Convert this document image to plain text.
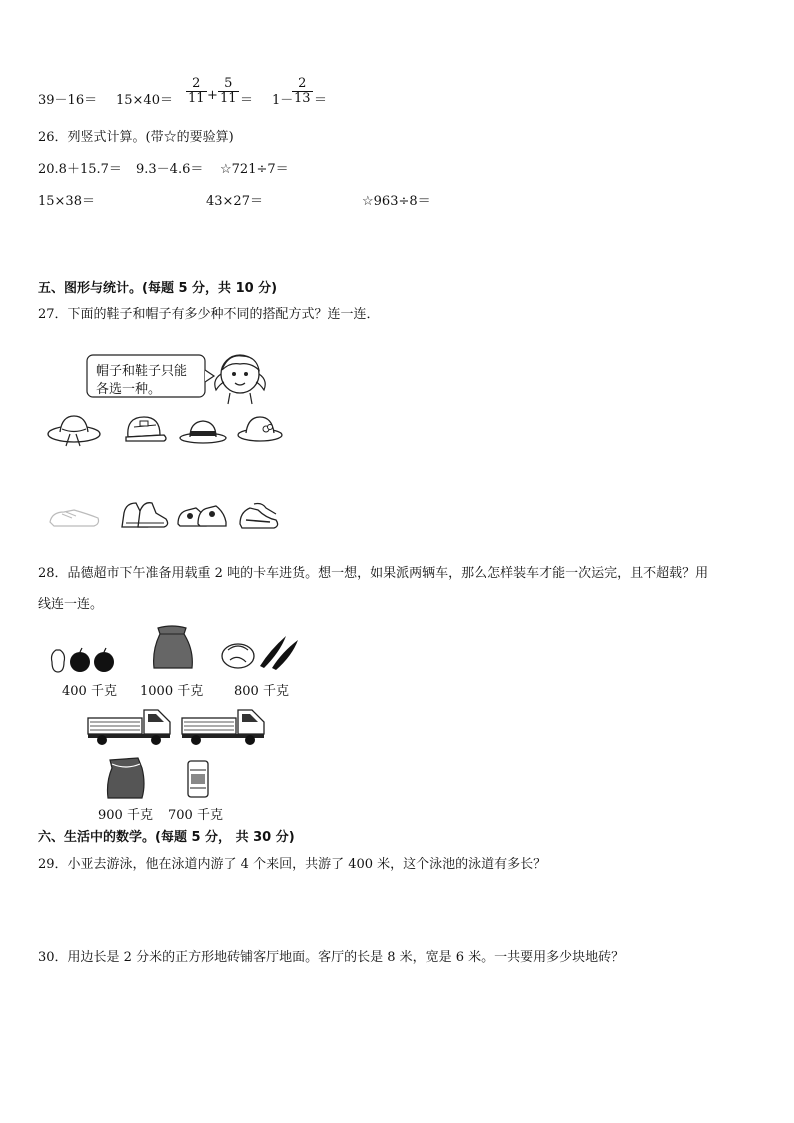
$39-16= 15\times 40= \frac{2}{11} + \frac{5}{11} = 1-$
$\frac{2}{13}$ ＝
26．列竖式计算。(带☆的要验算)
20.8＋15.7＝ 9.3－4.6＝ ☆721÷7＝
15×38＝	43×27＝	☆963÷8＝
五、图形与统计。(每题 5 分，共 10 分)
27．下面的鞋子和帽子有多少种不同的搭配方式？连一连．
帽子和鞋子只能
各选一种。
28．品德超市下午准备用载重 2 吨的卡车进货。想一想，如果派两辆车，那么怎样装车才能一次运完，且不超载？用
线连一连。
400 千克 1000 千克 800 千克
900 千克 700 千克
六、生活中的数学。(每题 5 分， 共 30 分)
29．小亚去游泳，他在泳道内游了 4 个来回，共游了 400 米，这个泳池的泳道有多长？
30．用边长是 2 分米的正方形地砖铺客厅地面。客厅的长是 8 米，宽是 6 米。一共要用多少块地砖？
